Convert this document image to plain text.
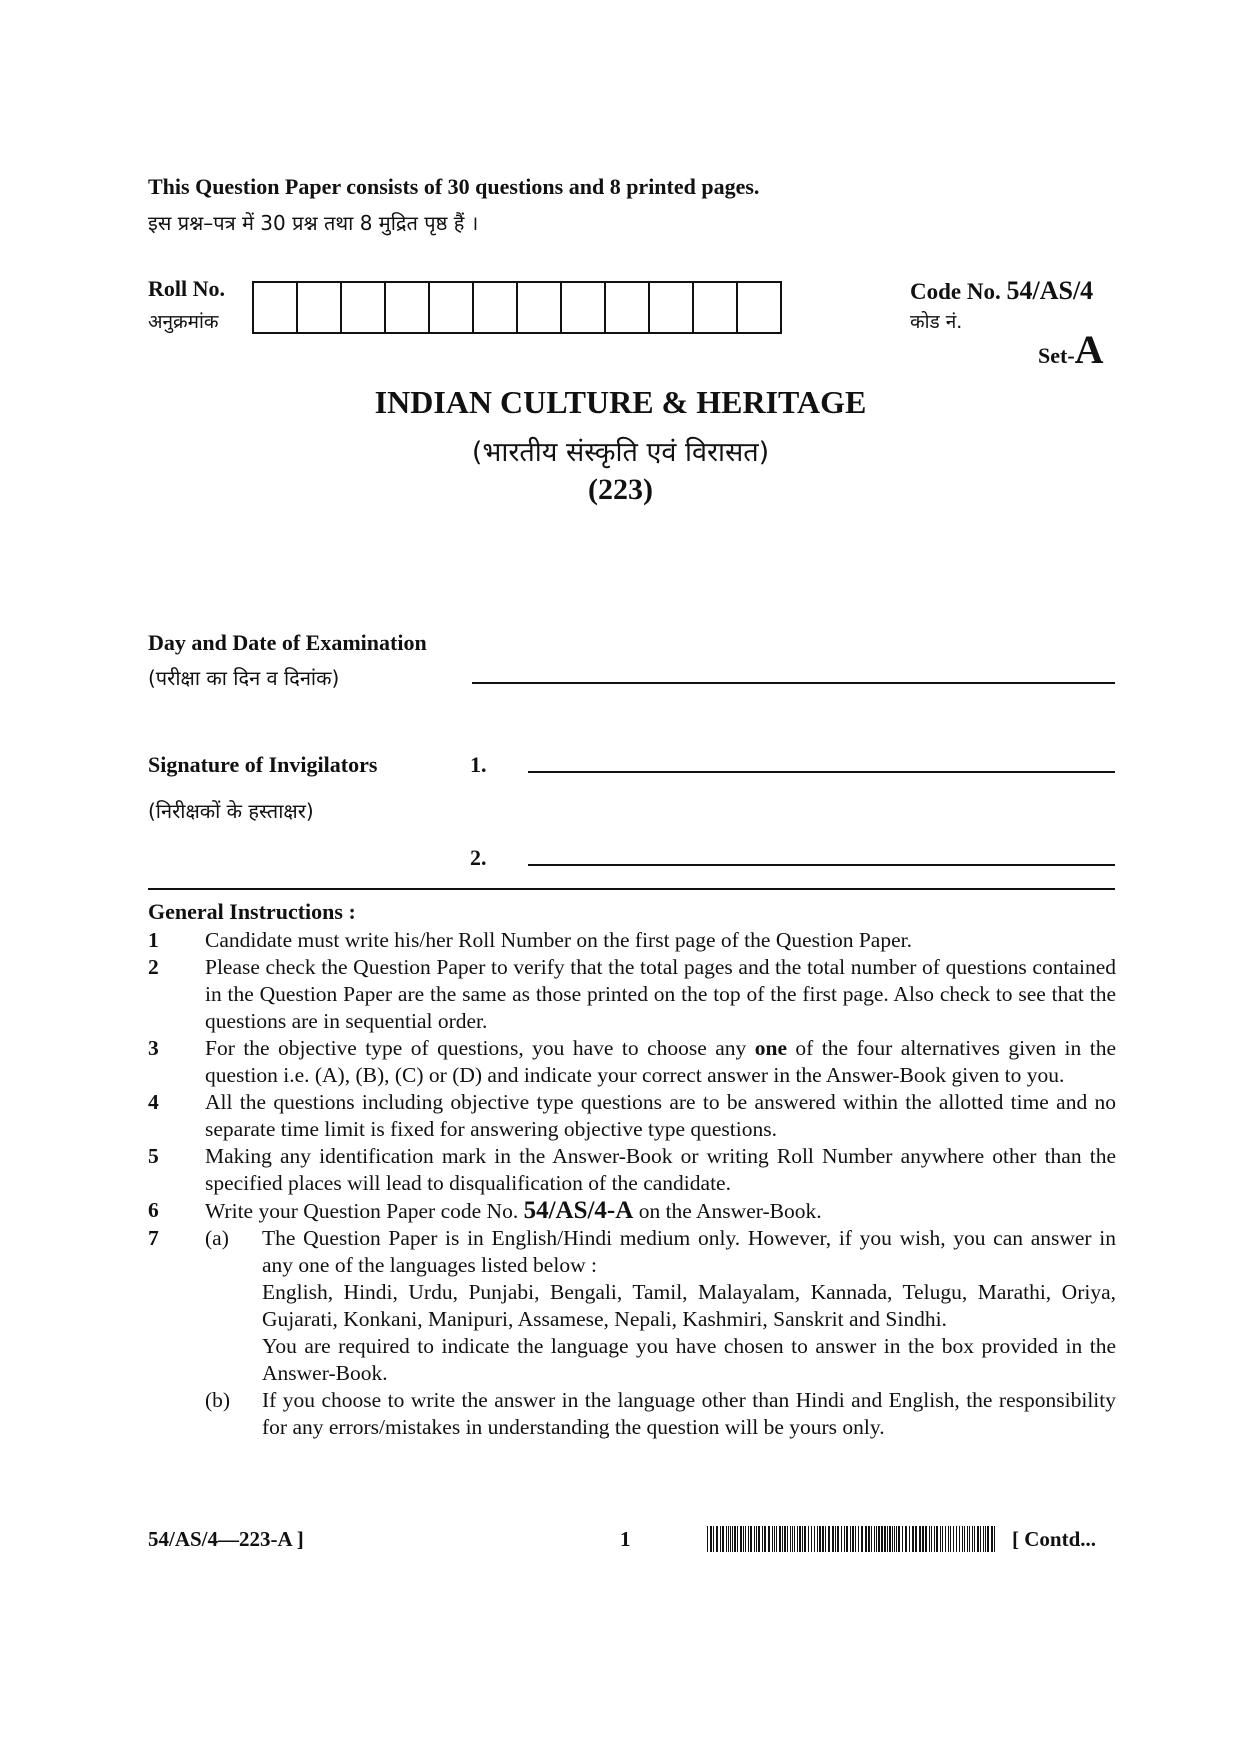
This Question Paper consists of 30 questions and 8 printed pages.
इस प्रश्न–पत्र में 30 प्रश्न तथा 8 मुद्रित पृष्ठ हैं ।
Roll No.
अनुक्रमांक
Code No. 54/AS/4
कोड नं.
Set-A
INDIAN CULTURE & HERITAGE
(भारतीय संस्कृति एवं विरासत)
(223)
Day and Date of Examination
(परीक्षा का दिन व दिनांक)
Signature of Invigilators
(निरीक्षकों के हस्ताक्षर)
1.
2.
General Instructions :
1	Candidate must write his/her Roll Number on the first page of the Question Paper.
2	Please check the Question Paper to verify that the total pages and the total number of questions contained in the Question Paper are the same as those printed on the top of the first page. Also check to see that the questions are in sequential order.
3	For the objective type of questions, you have to choose any one of the four alternatives given in the question i.e. (A), (B), (C) or (D) and indicate your correct answer in the Answer-Book given to you.
4	All the questions including objective type questions are to be answered within the allotted time and no separate time limit is fixed for answering objective type questions.
5	Making any identification mark in the Answer-Book or writing Roll Number anywhere other than the specified places will lead to disqualification of the candidate.
6	Write your Question Paper code No. 54/AS/4-A on the Answer-Book.
7	(a)	The Question Paper is in English/Hindi medium only. However, if you wish, you can answer in any one of the languages listed below :
English, Hindi, Urdu, Punjabi, Bengali, Tamil, Malayalam, Kannada, Telugu, Marathi, Oriya, Gujarati, Konkani, Manipuri, Assamese, Nepali, Kashmiri, Sanskrit and Sindhi.
You are required to indicate the language you have chosen to answer in the box provided in the Answer-Book.
(b)	If you choose to write the answer in the language other than Hindi and English, the responsibility for any errors/mistakes in understanding the question will be yours only.
54/AS/4—223-A ]	1	[ Contd...
